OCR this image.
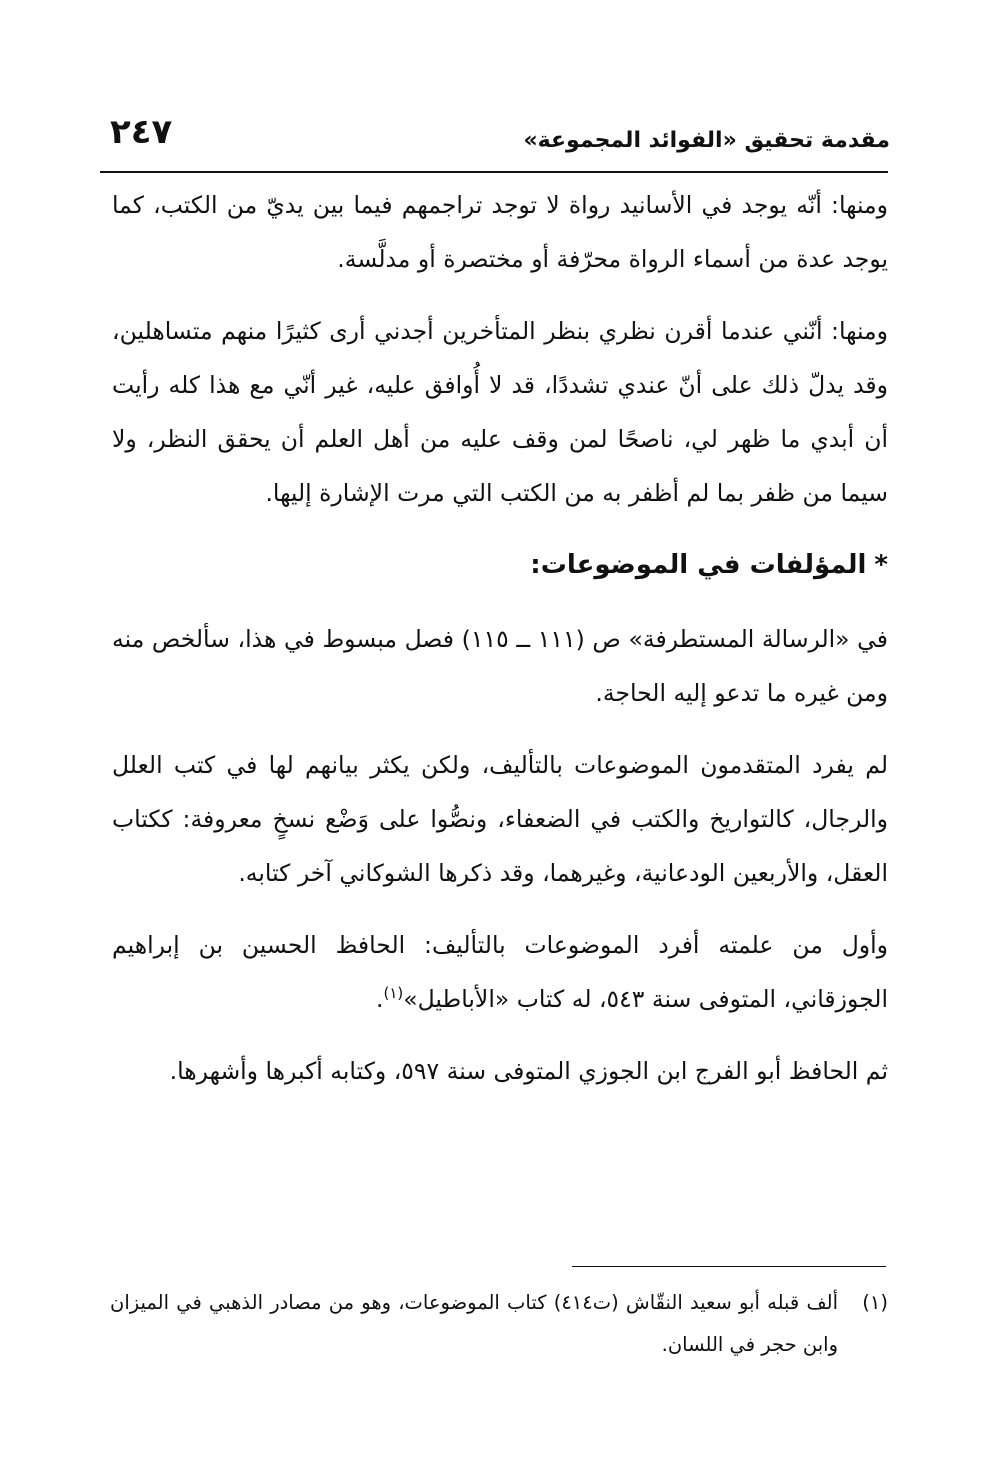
٢٤٧	مقدمة تحقيق «الفوائد المجموعة»

ومنها: أنّه يوجد في الأسانيد رواة لا توجد تراجمهم فيما بين يديّ من الكتب، كما يوجد عدة من أسماء الرواة محرّفة أو مختصرة أو مدلَّسة.

ومنها: أنّني عندما أقرن نظري بنظر المتأخرين أجدني أرى كثيرًا منهم متساهلين، وقد يدلّ ذلك على أنّ عندي تشددًا، قد لا أُوافق عليه، غير أنّي مع هذا كله رأيت أن أبدي ما ظهر لي، ناصحًا لمن وقف عليه من أهل العلم أن يحقق النظر، ولا سيما من ظفر بما لم أظفر به من الكتب التي مرت الإشارة إليها.

*المؤلفات في الموضوعات:

في «الرسالة المستطرفة» ص (١١١ ــ ١١٥) فصل مبسوط في هذا، سألخص منه ومن غيره ما تدعو إليه الحاجة.

لم يفرد المتقدمون الموضوعات بالتأليف، ولكن يكثر بيانهم لها في كتب العلل والرجال، كالتواريخ والكتب في الضعفاء، ونصُّوا على وَضْع نسخٍ معروفة: ككتاب العقل، والأربعين الودعانية، وغيرهما، وقد ذكرها الشوكاني آخر كتابه.

وأول من علمته أفرد الموضوعات بالتأليف: الحافظ الحسين بن إبراهيم الجوزقاني، المتوفى سنة ٥٤٣، له كتاب «الأباطيل»$^{(١)}$.

ثم الحافظ أبو الفرج ابن الجوزي المتوفى سنة ٥٩٧، وكتابه أكبرها وأشهرها.

(١)
ألف قبله أبو سعيد النقّاش (ت٤١٤) كتاب الموضوعات، وهو من مصادر الذهبي في الميزان وابن حجر في اللسان.
